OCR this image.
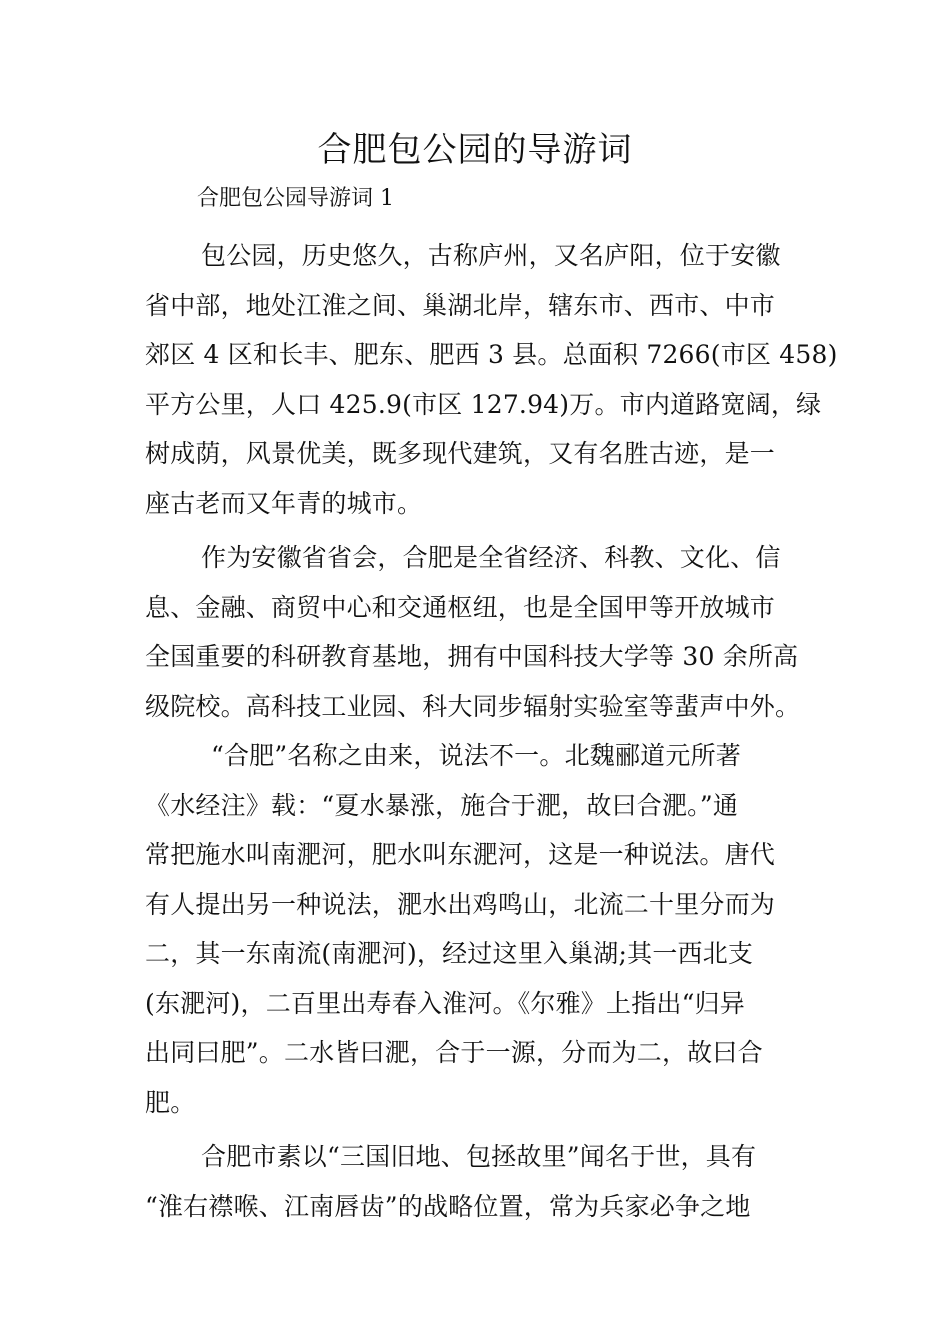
合肥包公园的导游词
合肥包公园导游词 1
包公园，历史悠久，古称庐州，又名庐阳，位于安徽
省中部，地处江淮之间、巢湖北岸，辖东市、西市、中市
郊区 4 区和长丰、肥东、肥西 3 县。总面积 7266(市区 458)
平方公里，人口 425.9(市区 127.94)万。市内道路宽阔，绿
树成荫，风景优美，既多现代建筑，又有名胜古迹，是一
座古老而又年青的城市。
作为安徽省省会，合肥是全省经济、科教、文化、信
息、金融、商贸中心和交通枢纽，也是全国甲等开放城市
全国重要的科研教育基地，拥有中国科技大学等 30 余所高
级院校。高科技工业园、科大同步辐射实验室等蜚声中外。
“合肥”名称之由来，说法不一。北魏郦道元所著
《水经注》载：“夏水暴涨，施合于淝，故曰合淝。”通
常把施水叫南淝河，肥水叫东淝河，这是一种说法。唐代
有人提出另一种说法，淝水出鸡鸣山，北流二十里分而为
二，其一东南流(南淝河)，经过这里入巢湖;其一西北支
(东淝河)，二百里出寿春入淮河。《尔雅》上指出“归异
出同曰肥”。二水皆曰淝，合于一源，分而为二，故曰合
肥。
合肥市素以“三国旧地、包拯故里”闻名于世，具有
“淮右襟喉、江南唇齿”的战略位置，常为兵家必争之地
